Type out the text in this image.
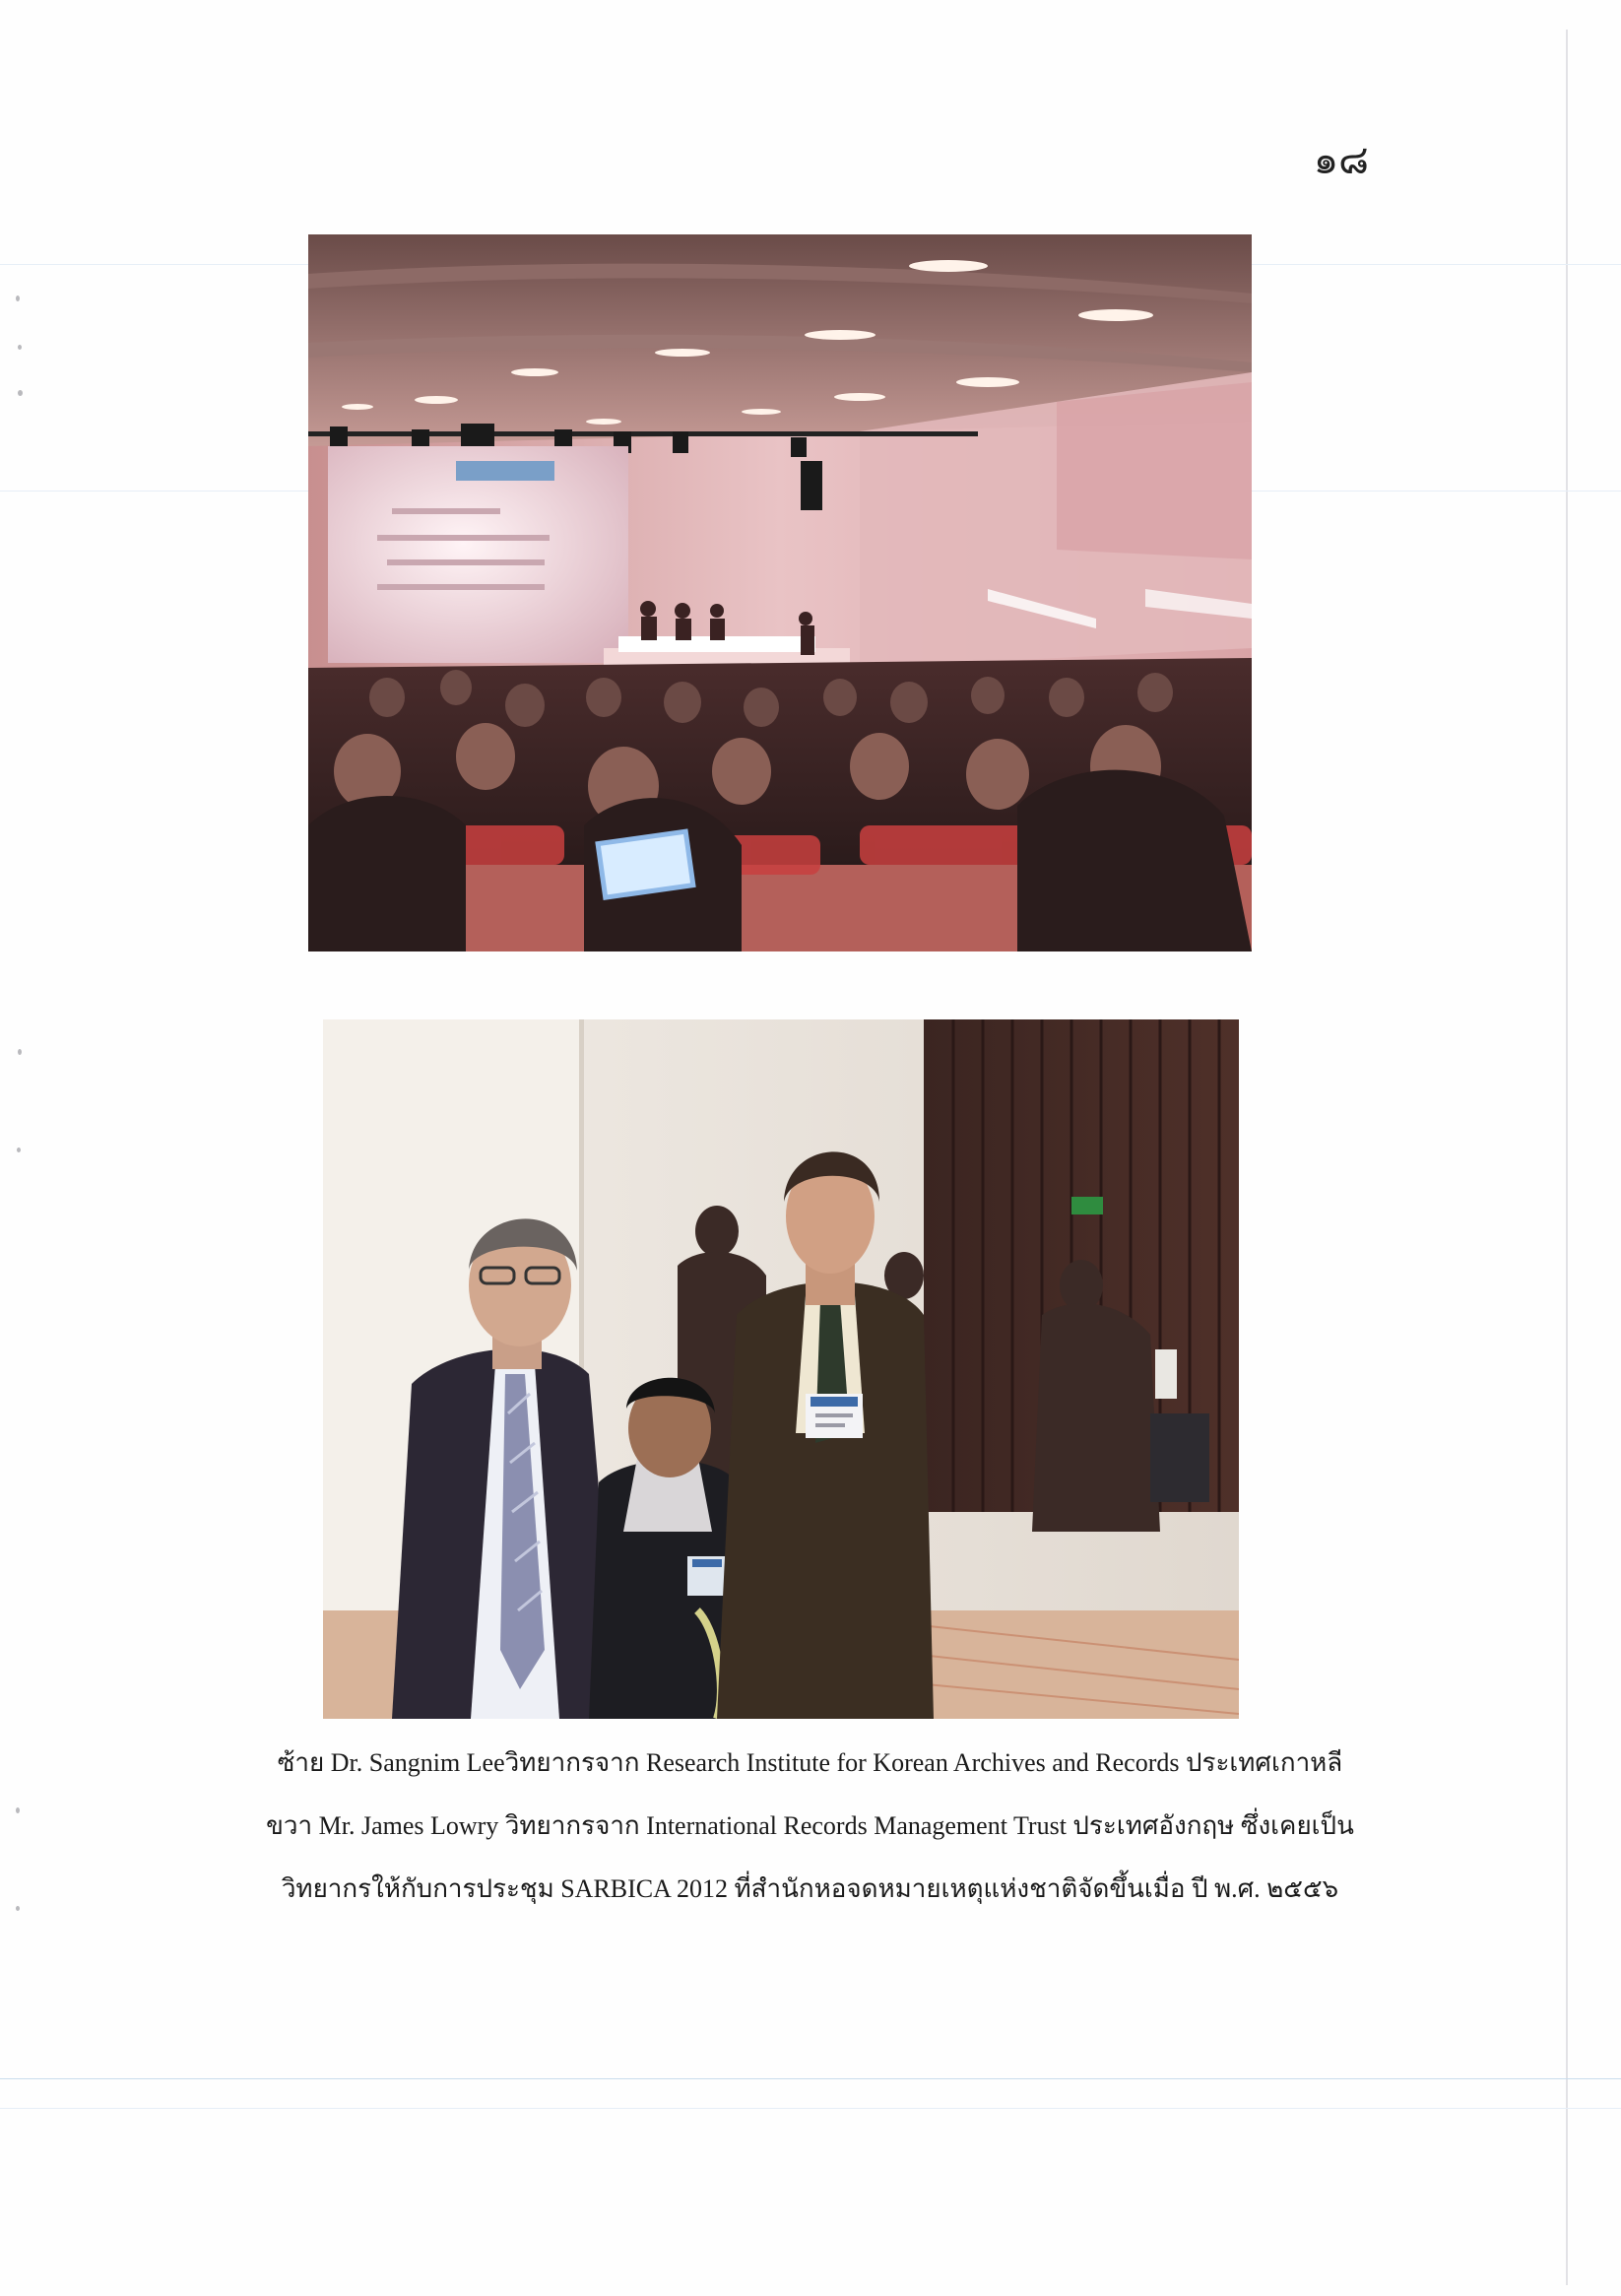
๑๘
ซ้าย Dr. Sangnim Leeวิทยากรจาก Research Institute for Korean Archives and Records ประเทศเกาหลี
ขวา Mr. James Lowry วิทยากรจาก International Records Management Trust ประเทศอังกฤษ ซึ่งเคยเป็น
วิทยากรให้กับการประชุม SARBICA 2012 ที่สำนักหอจดหมายเหตุแห่งชาติจัดขึ้นเมื่อ ปี พ.ศ. ๒๕๕๖
